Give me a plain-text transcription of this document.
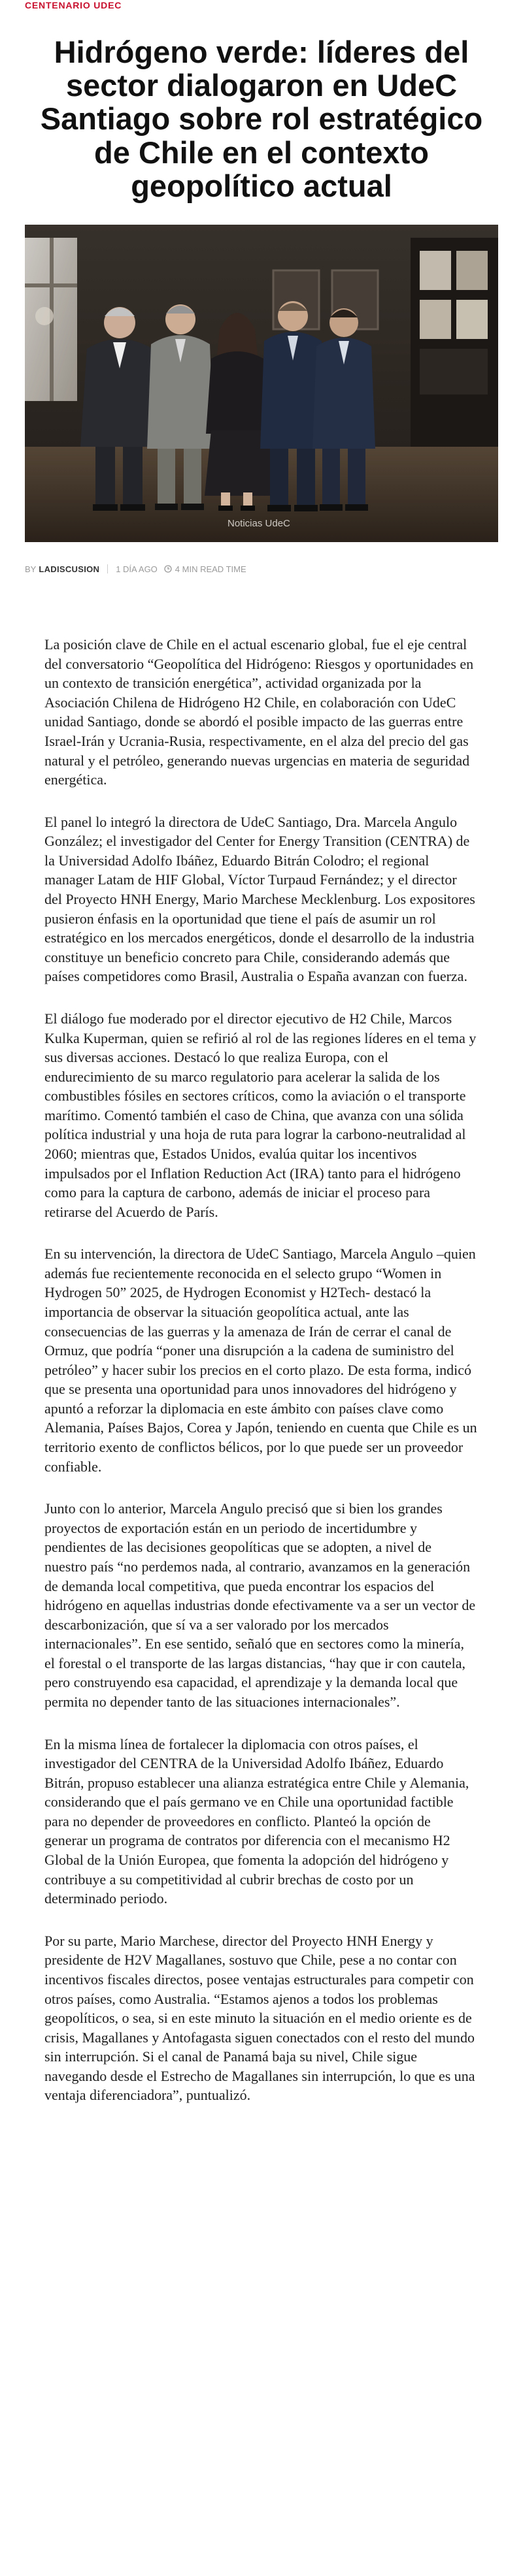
CENTENARIO UDEC
Hidrógeno verde: líderes del sector dialogaron en UdeC Santiago sobre rol estratégico de Chile en el contexto geopolítico actual
Noticias UdeC
BY LADISCUSION 1 DÍA AGO 4 MIN READ TIME

La posición clave de Chile en el actual escenario global, fue el eje central del conversatorio “Geopolítica del Hidrógeno: Riesgos y oportunidades en un contexto de transición energética”, actividad organizada por la Asociación Chilena de Hidrógeno H2 Chile, en colaboración con UdeC unidad Santiago, donde se abordó el posible impacto de las guerras entre Israel-Irán y Ucrania-Rusia, respectivamente, en el alza del precio del gas natural y el petróleo, generando nuevas urgencias en materia de seguridad energética.

El panel lo integró la directora de UdeC Santiago, Dra. Marcela Angulo González; el investigador del Center for Energy Transition (CENTRA) de la Universidad Adolfo Ibáñez, Eduardo Bitrán Colodro; el regional manager Latam de HIF Global, Víctor Turpaud Fernández; y el director del Proyecto HNH Energy, Mario Marchese Mecklenburg. Los expositores pusieron énfasis en la oportunidad que tiene el país de asumir un rol estratégico en los mercados energéticos, donde el desarrollo de la industria constituye un beneficio concreto para Chile, considerando además que países competidores como Brasil, Australia o España avanzan con fuerza.

El diálogo fue moderado por el director ejecutivo de H2 Chile, Marcos Kulka Kuperman, quien se refirió al rol de las regiones líderes en el tema y sus diversas acciones. Destacó lo que realiza Europa, con el endurecimiento de su marco regulatorio para acelerar la salida de los combustibles fósiles en sectores críticos, como la aviación o el transporte marítimo. Comentó también el caso de China, que avanza con una sólida política industrial y una hoja de ruta para lograr la carbono-neutralidad al 2060; mientras que, Estados Unidos, evalúa quitar los incentivos impulsados por el Inflation Reduction Act (IRA) tanto para el hidrógeno como para la captura de carbono, además de iniciar el proceso para retirarse del Acuerdo de París.

En su intervención, la directora de UdeC Santiago, Marcela Angulo –quien además fue recientemente reconocida en el selecto grupo “Women in Hydrogen 50” 2025, de Hydrogen Economist y H2Tech- destacó la importancia de observar la situación geopolítica actual, ante las consecuencias de las guerras y la amenaza de Irán de cerrar el canal de Ormuz, que podría “poner una disrupción a la cadena de suministro del petróleo” y hacer subir los precios en el corto plazo. De esta forma, indicó que se presenta una oportunidad para unos innovadores del hidrógeno y apuntó a reforzar la diplomacia en este ámbito con países clave como Alemania, Países Bajos, Corea y Japón, teniendo en cuenta que Chile es un territorio exento de conflictos bélicos, por lo que puede ser un proveedor confiable.

Junto con lo anterior, Marcela Angulo precisó que si bien los grandes proyectos de exportación están en un periodo de incertidumbre y pendientes de las decisiones geopolíticas que se adopten, a nivel de nuestro país “no perdemos nada, al contrario, avanzamos en la generación de demanda local competitiva, que pueda encontrar los espacios del hidrógeno en aquellas industrias donde efectivamente va a ser un vector de descarbonización, que sí va a ser valorado por los mercados internacionales”. En ese sentido, señaló que en sectores como la minería, el forestal o el transporte de las largas distancias, “hay que ir con cautela, pero construyendo esa capacidad, el aprendizaje y la demanda local que permita no depender tanto de las situaciones internacionales”.

En la misma línea de fortalecer la diplomacia con otros países, el investigador del CENTRA de la Universidad Adolfo Ibáñez, Eduardo Bitrán, propuso establecer una alianza estratégica entre Chile y Alemania, considerando que el país germano ve en Chile una oportunidad factible para no depender de proveedores en conflicto. Planteó la opción de generar un programa de contratos por diferencia con el mecanismo H2 Global de la Unión Europea, que fomenta la adopción del hidrógeno y contribuye a su competitividad al cubrir brechas de costo por un determinado periodo.

Por su parte, Mario Marchese, director del Proyecto HNH Energy y presidente de H2V Magallanes, sostuvo que Chile, pese a no contar con incentivos fiscales directos, posee ventajas estructurales para competir con otros países, como Australia. “Estamos ajenos a todos los problemas geopolíticos, o sea, si en este minuto la situación en el medio oriente es de crisis, Magallanes y Antofagasta siguen conectados con el resto del mundo sin interrupción. Si el canal de Panamá baja su nivel, Chile sigue navegando desde el Estrecho de Magallanes sin interrupción, lo que es una ventaja diferenciadora”, puntualizó.
